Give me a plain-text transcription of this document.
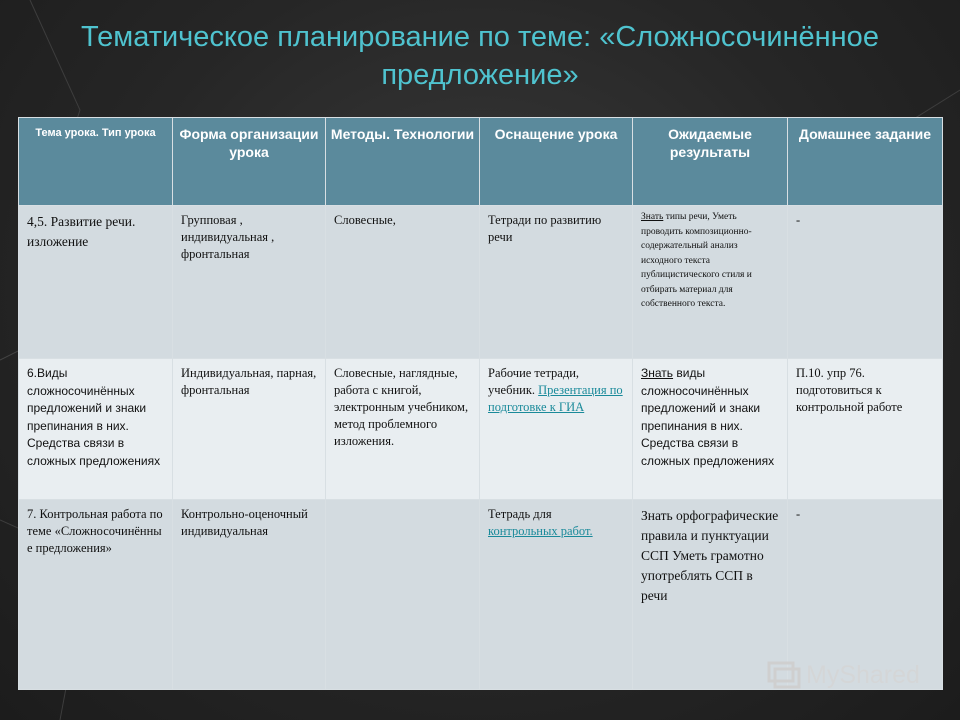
Тематическое планирование по теме: «Сложносочинённое предложение»
Тема урока. Тип урока	Форма организации урока	Методы. Технологии	Оснащение урока	Ожидаемые результаты	Домашнее задание
4,5. Развитие речи. изложение	Групповая , индивидуальная , фронтальная	Словесные,	Тетради по развитию речи	Знать типы речи, Уметь проводить композиционно-содержательный анализ исходного текста публицистического стиля и отбирать материал для собственного текста.	-
6.Виды сложносочинённых предложений и знаки препинания в них. Средства связи в сложных предложениях	Индивидуальная, парная, фронтальная	Словесные, наглядные, работа с книгой, электронным учебником, метод проблемного изложения.	Рабочие тетради, учебник. Презентация по подготовке к ГИА	Знать виды сложносочинённых предложений и знаки препинания в них. Средства связи в сложных предложениях	П.10. упр 76. подготовиться к контрольной работе
7. Контрольная работа по теме «Сложносочинённы е предложения»	Контрольно-оценочный индивидуальная		Тетрадь для контрольных работ.	Знать орфографические правила и пунктуации ССП Уметь грамотно употреблять ССП в речи	-
MyShared
